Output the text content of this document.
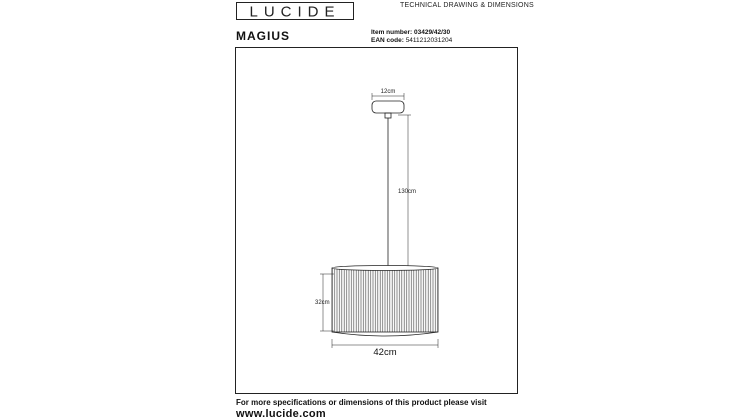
LUCIDE	TECHNICAL DRAWING & DIMENSIONS
MAGIUS	Item number: 03429/42/30
EAN code: 5411212031204
12cm
130cm
32cm
42cm
For more specifications or dimensions of this product please visit
www.lucide.com
